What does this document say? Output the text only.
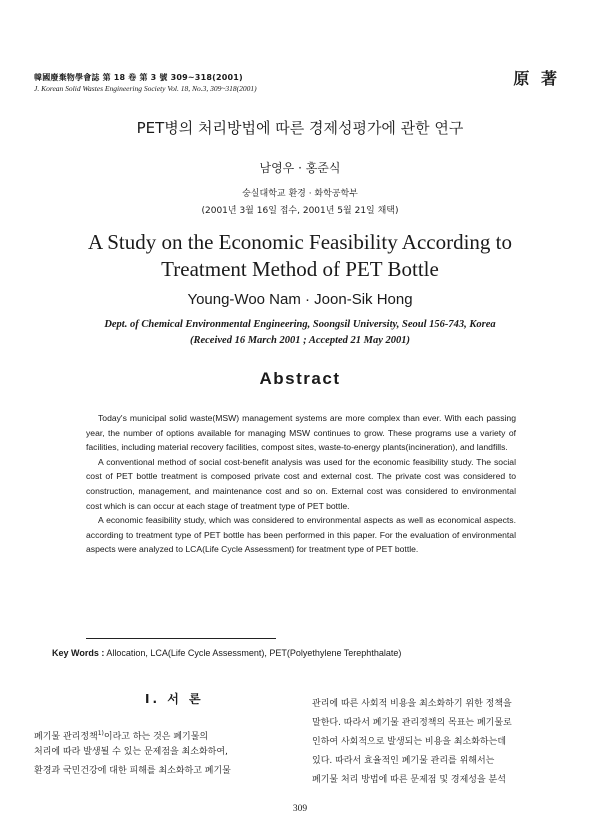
韓國廢棄物學會誌 第 18 卷 第 3 號 309~318(2001)
J. Korean Solid Wastes Engineering Society Vol. 18, No.3, 309~318(2001)
原 著
PET병의 처리방법에 따른 경제성평가에 관한 연구
남영우 · 홍준식
숭실대학교 환경 · 화학공학부
(2001년 3월 16일 접수, 2001년 5월 21일 채택)
A Study on the Economic Feasibility According to
Treatment Method of PET Bottle
Young-Woo Nam · Joon-Sik Hong
Dept. of Chemical Environmental Engineering, Soongsil University, Seoul 156-743, Korea
(Received 16 March 2001 ; Accepted 21 May 2001)
Abstract

Today's municipal solid waste(MSW) management systems are more complex than ever. With each passing year, the number of options available for managing MSW continues to grow. These programs use a variety of facilities, including material recovery facilities, compost sites, waste-to-energy plants(incineration), and landfills.

A conventional method of social cost-benefit analysis was used for the economic feasibility study. The social cost of PET bottle treatment is composed private cost and external cost. The private cost was considered to construction, management, and maintenance cost and so on. External cost was considered to environmental cost which is can occur at each stage of treatment type of PET bottle.

A economic feasibility study, which was considered to environmental aspects as well as economical aspects. according to treatment type of PET bottle has been performed in this paper. For the evaluation of environmental aspects were analyzed to LCA(Life Cycle Assessment) for treatment type of PET bottle.

Key Words : Allocation, LCA(Life Cycle Assessment), PET(Polyethylene Terephthalate)
Ⅰ. 서 론
폐기물 관리정책$^{1)}$이라고 하는 것은 폐기물의
처리에 따라 발생될 수 있는 문제점을 최소화하여,
환경과 국민건강에 대한 피해를 최소화하고 폐기물
관리에 따른 사회적 비용을 최소화하기 위한 정책을
말한다. 따라서 폐기물 관리정책의 목표는 폐기물로
인하여 사회적으로 발생되는 비용을 최소화하는데
있다. 따라서 효율적인 폐기물 관리를 위해서는
폐기물 처리 방법에 따른 문제점 및 경제성을 분석
309
